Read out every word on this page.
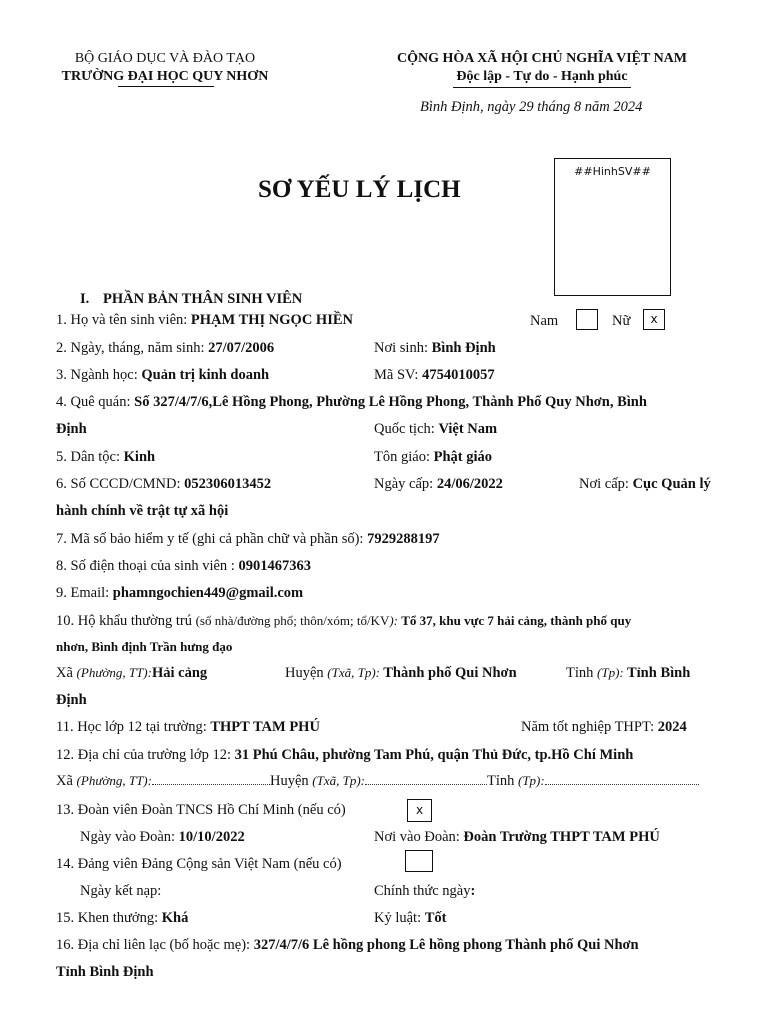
BỘ GIÁO DỤC VÀ ĐÀO TẠO
TRƯỜNG ĐẠI HỌC QUY NHƠN
CỘNG HÒA XÃ HỘI CHỦ NGHĨA VIỆT NAM
Độc lập - Tự do - Hạnh phúc
Bình Định, ngày 29 tháng 8 năm 2024
SƠ YẾU LÝ LỊCH
##HinhSV##
I. PHẦN BẢN THÂN SINH VIÊN
1. Họ và tên sinh viên: PHẠM THỊ NGỌC HIỀN	Nam	Nữ	x
2. Ngày, tháng, năm sinh: 27/07/2006	Nơi sinh: Bình Định
3. Ngành học: Quản trị kinh doanh	Mã SV: 4754010057
4. Quê quán: Số 327/4/7/6,Lê Hồng Phong, Phường Lê Hồng Phong, Thành Phố Quy Nhơn, Bình
Định	Quốc tịch: Việt Nam
5. Dân tộc: Kinh	Tôn giáo: Phật giáo
6. Số CCCD/CMND: 052306013452	Ngày cấp: 24/06/2022	Nơi cấp: Cục Quản lý
hành chính về trật tự xã hội
7. Mã số bảo hiểm y tế (ghi cả phần chữ và phần số): 7929288197
8. Số điện thoại của sinh viên : 0901467363
9. Email: phamngochien449@gmail.com
10. Hộ khẩu thường trú (số nhà/đường phố; thôn/xóm; tổ/KV): Tổ 37, khu vực 7 hải cảng, thành phố quy
nhơn, Bình định Trần hưng đạo
Xã (Phường, TT):Hải cảng	Huyện (Txã, Tp): Thành phố Qui Nhơn	Tỉnh (Tp): Tỉnh Bình
Định
11. Học lớp 12 tại trường: THPT TAM PHÚ	Năm tốt nghiệp THPT: 2024
12. Địa chỉ của trường lớp 12: 31 Phú Châu, phường Tam Phú, quận Thủ Đức, tp.Hồ Chí Minh
Xã (Phường, TT):	Huyện (Txã, Tp):	Tỉnh (Tp):
13. Đoàn viên Đoàn TNCS Hồ Chí Minh (nếu có)	x
Ngày vào Đoàn: 10/10/2022	Nơi vào Đoàn: Đoàn Trường THPT TAM PHÚ
14. Đảng viên Đảng Cộng sản Việt Nam (nếu có)
Ngày kết nạp:	Chính thức ngày:
15. Khen thưởng: Khá	Kỷ luật: Tốt
16. Địa chỉ liên lạc (bố hoặc mẹ): 327/4/7/6 Lê hồng phong Lê hồng phong Thành phố Qui Nhơn
Tỉnh Bình Định
